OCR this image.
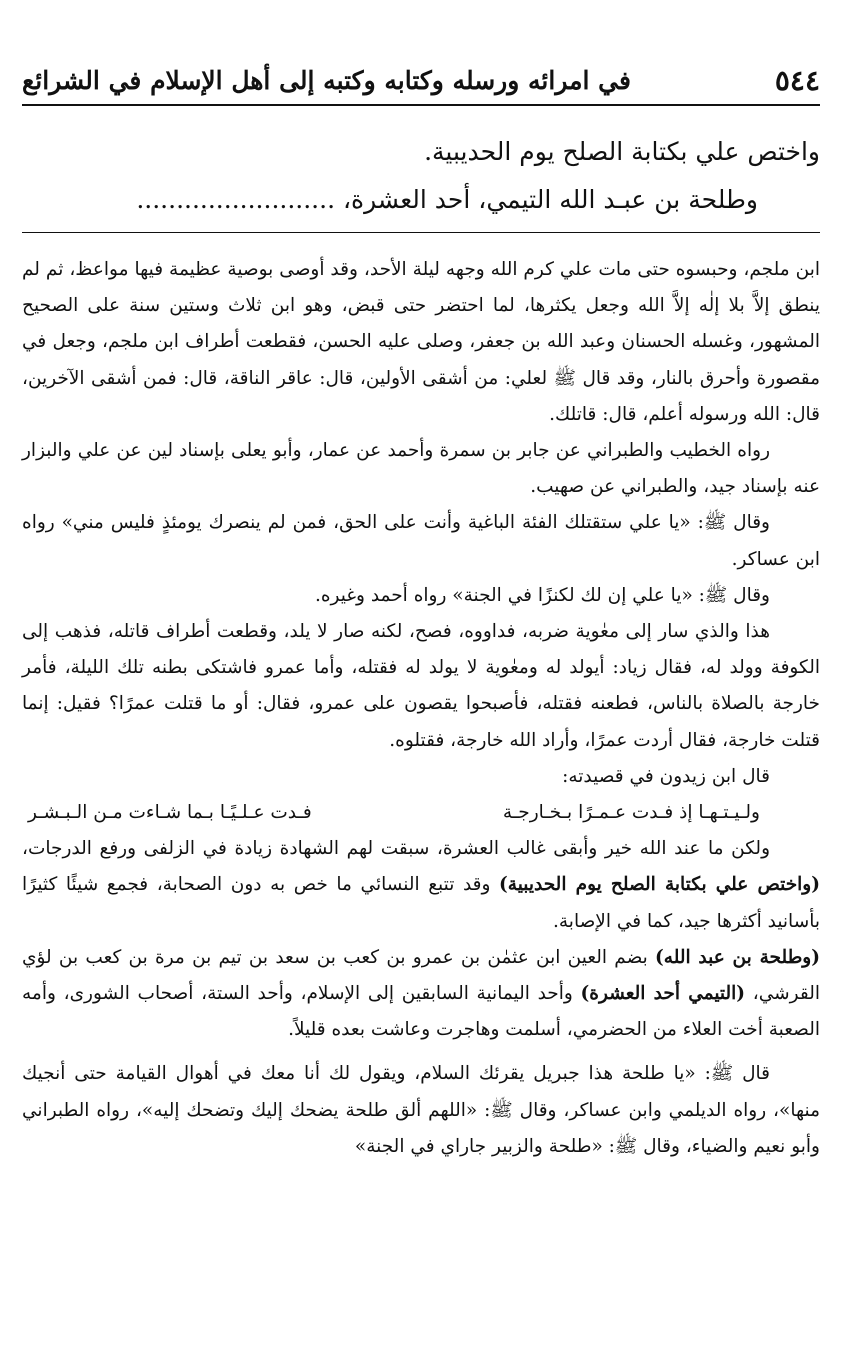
في امرائه ورسله وكتابه وكتبه إلى أهل الإسلام في الشرائع	٥٤٤
واختص علي بكتابة الصلح يوم الحديبية.
وطلحة بن عبـد الله التيمي، أحد العشرة، .........................

ابن ملجم، وحبسوه حتى مات علي كرم الله وجهه ليلة الأحد، وقد أوصى بوصية عظيمة فيها مواعظ، ثم لم ينطق إلاَّ بلا إلٰه إلاَّ الله وجعل يكثرها، لما احتضر حتى قبض، وهو ابن ثلاث وستين سنة على الصحيح المشهور، وغسله الحسنان وعبد الله بن جعفر، وصلى عليه الحسن، فقطعت أطراف ابن ملجم، وجعل في مقصورة وأحرق بالنار، وقد قال ﷺ لعلي: من أشقى الأولين، قال: عاقر الناقة، قال: فمن أشقى الآخرين، قال: الله ورسوله أعلم، قال: قاتلك.

رواه الخطيب والطبراني عن جابر بن سمرة وأحمد عن عمار، وأبو يعلى بإسناد لين عن علي والبزار عنه بإسناد جيد، والطبراني عن صهيب.

وقال ﷺ: «يا علي ستقتلك الفئة الباغية وأنت على الحق، فمن لم ينصرك يومئذٍ فليس مني» رواه ابن عساكر.

وقال ﷺ: «يا علي إن لك لكنزًا في الجنة» رواه أحمد وغيره.

هذا والذي سار إلى معٰوية ضربه، فداووه، فصح، لكنه صار لا يلد، وقطعت أطراف قاتله، فذهب إلى الكوفة وولد له، فقال زياد: أيولد له ومعٰوية لا يولد له فقتله، وأما عمرو فاشتكى بطنه تلك الليلة، فأمر خارجة بالصلاة بالناس، فطعنه فقتله، فأصبحوا يقصون على عمرو، فقال: أو ما قتلت عمرًا؟ فقيل: إنما قتلت خارجة، فقال أردت عمرًا، وأراد الله خارجة، فقتلوه.

قال ابن زيدون في قصيدته:

ولـيـتـهـا إذ فـدت عـمـرًا بـخـارجـة
فـدت عـلـيًـا بـما شـاءت مـن الـبـشـر

ولكن ما عند الله خير وأبقى غالب العشرة، سبقت لهم الشهادة زيادة في الزلفى ورفع الدرجات، (واختص علي بكتابة الصلح يوم الحديبية) وقد تتبع النسائي ما خص به دون الصحابة، فجمع شيئًا كثيرًا بأسانيد أكثرها جيد، كما في الإصابة.

(وطلحة بن عبد الله) بضم العين ابن عثمٰن بن عمرو بن كعب بن سعد بن تيم بن مرة بن كعب بن لؤي القرشي، (التيمي أحد العشرة) وأحد اليمانية السابقين إلى الإسلام، وأحد الستة، أصحاب الشورى، وأمه الصعبة أخت العلاء من الحضرمي، أسلمت وهاجرت وعاشت بعده قليلاً.

قال ﷺ: «يا طلحة هذا جبريل يقرئك السلام، ويقول لك أنا معك في أهوال القيامة حتى أنجيك منها»، رواه الديلمي وابن عساكر، وقال ﷺ: «اللهم ألق طلحة يضحك إليك وتضحك إليه»، رواه الطبراني وأبو نعيم والضياء، وقال ﷺ: «طلحة والزبير جاراي في الجنة»
